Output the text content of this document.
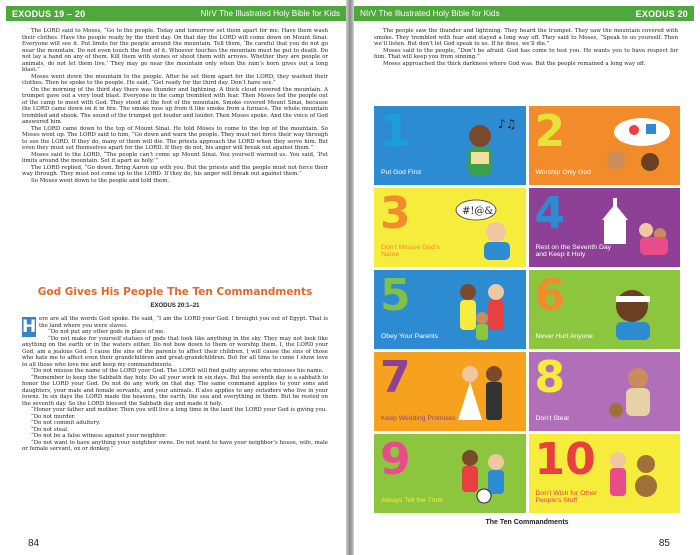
EXODUS 19 – 20	NIrV The Illustrated Holy Bible for Kids

The LORD said to Moses, “Go to the people. Today and tomorrow set them apart for me. Have them wash their clothes. Have the people ready by the third day. On that day the LORD will come down on Mount Sinai. Everyone will see it. Put limits for the people around the mountain. Tell them, ‘Be careful that you do not go near the mountain. Do not even touch the foot of it. Whoever touches the mountain must be put to death. Do not lay a hand on any of them. Kill them with stones or shoot them with arrows. Whether they are people or animals, do not let them live.’ They may go near the mountain only when the ram’s horn gives out a long blast.”

Moses went down the mountain to the people. After he set them apart for the LORD, they washed their clothes. Then he spoke to the people. He said, “Get ready for the third day. Don’t have sex.”

On the morning of the third day there was thunder and lightning. A thick cloud covered the mountain. A trumpet gave out a very loud blast. Everyone in the camp trembled with fear. Then Moses led the people out of the camp to meet with God. They stood at the foot of the mountain. Smoke covered Mount Sinai, because the LORD came down on it in fire. The smoke rose up from it like smoke from a furnace. The whole mountain trembled and shook. The sound of the trumpet got louder and louder. Then Moses spoke. And the voice of God answered him.

The LORD came down to the top of Mount Sinai. He told Moses to come to the top of the mountain. So Moses went up. The LORD said to him, “Go down and warn the people. They must not force their way through to see the LORD. If they do, many of them will die. The priests approach the LORD when they serve him. But even they must set themselves apart for the LORD. If they do not, his anger will break out against them.”

Moses said to the LORD, “The people can’t come up Mount Sinai. You yourself warned us. You said, ‘Put limits around the mountain. Set it apart as holy.’”

The LORD replied, “Go down. Bring Aaron up with you. But the priests and the people must not force their way through. They must not come up to the LORD. If they do, his anger will break out against them.”

So Moses went down to the people and told them.

God Gives His People The Ten Commandments
EXODUS 20:1–21
H ere are all the words God spoke. He said, “I am the LORD your God. I brought you out of Egypt. That is the land where you were slaves.

“Do not put any other gods in place of me.

“Do not make for yourself statues of gods that look like anything in the sky. They may not look like anything on the earth or in the waters either. Do not bow down to them or worship them. I, the LORD your God, am a jealous God. I cause the sins of the parents to affect their children. I will cause the sins of those who hate me to affect even their grandchildren and great-grandchildren. But for all time to come I show love to all those who love me and keep my commandments.

“Do not misuse the name of the LORD your God. The LORD will find guilty anyone who misuses his name.

“Remember to keep the Sabbath day holy. Do all your work in six days. But the seventh day is a sabbath to honor the LORD your God. Do not do any work on that day. The same command applies to your sons and daughters, your male and female servants, and your animals. It also applies to any outsiders who live in your towns. In six days the LORD made the heavens, the earth, the sea and everything in them. But he rested on the seventh day. So the LORD blessed the Sabbath day and made it holy.

“Honor your father and mother. Then you will live a long time in the land the LORD your God is giving you.

“Do not murder.

“Do not commit adultery.

“Do not steal.

“Do not be a false witness against your neighbor.

“Do not want to have anything your neighbor owns. Do not want to have your neighbor’s house, wife, male or female servant, ox or donkey.”

84
NIrV The Illustrated Holy Bible for Kids	EXODUS 20

The people saw the thunder and lightning. They heard the trumpet. They saw the mountain covered with smoke. They trembled with fear and stayed a long way off. They said to Moses, “Speak to us yourself. Then we’ll listen. But don’t let God speak to us. If he does, we’ll die.”

Moses said to the people, “Don’t be afraid. God has come to test you. He wants you to have respect for him. That will keep you from sinning.”

Moses approached the thick darkness where God was. But the people remained a long way off.

1	♪♫
Put God First
2
Worship Only God
3	#!@&
Don’t Misuse God’s Name
4
Rest on the Seventh Day and Keep it Holy
5
Obey Your Parents
6
Never Hurt Anyone
7
Keep Wedding Promises
8
Don’t Steal
9
Always Tell the Truth
10
Don’t Wish for Other People’s Stuff
The Ten Commandments
85
